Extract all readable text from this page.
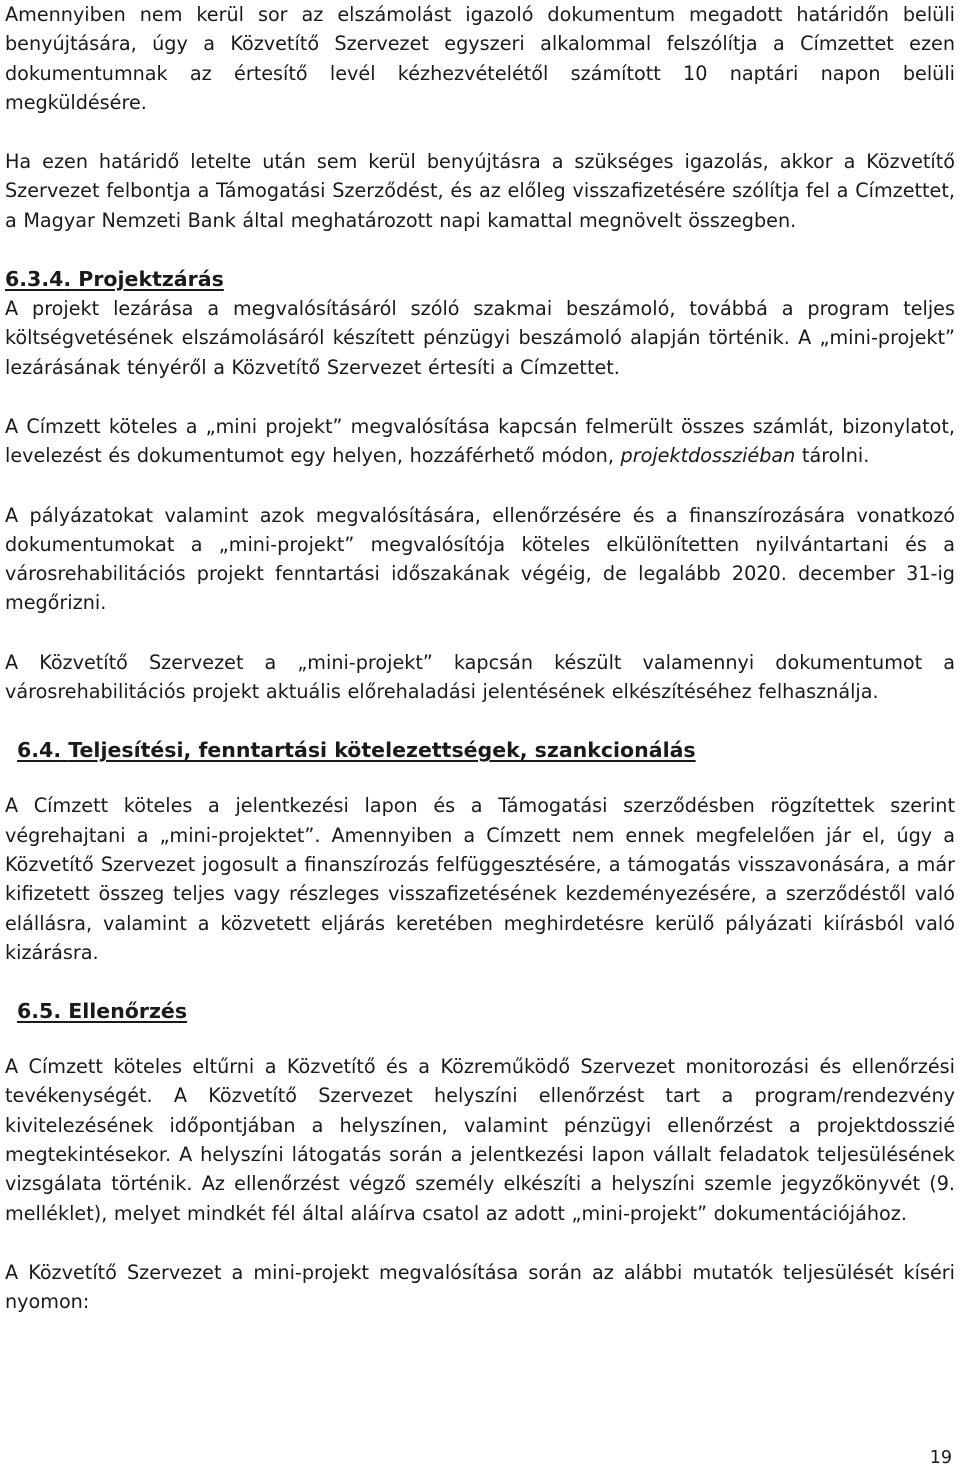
Amennyiben nem kerül sor az elszámolást igazoló dokumentum megadott határidőn belüli benyújtására, úgy a Közvetítő Szervezet egyszeri alkalommal felszólítja a Címzettet ezen dokumentumnak az értesítő levél kézhezvételétől számított 10 naptári napon belüli megküldésére.

Ha ezen határidő letelte után sem kerül benyújtásra a szükséges igazolás, akkor a Közvetítő Szervezet felbontja a Támogatási Szerződést, és az előleg visszafizetésére szólítja fel a Címzettet, a Magyar Nemzeti Bank által meghatározott napi kamattal megnövelt összegben.

6.3.4. Projektzárás

A projekt lezárása a megvalósításáról szóló szakmai beszámoló, továbbá a program teljes költségvetésének elszámolásáról készített pénzügyi beszámoló alapján történik. A „mini-projekt” lezárásának tényéről a Közvetítő Szervezet értesíti a Címzettet.

A Címzett köteles a „mini projekt” megvalósítása kapcsán felmerült összes számlát, bizonylatot, levelezést és dokumentumot egy helyen, hozzáférhető módon, projektdossziéban tárolni.

A pályázatokat valamint azok megvalósítására, ellenőrzésére és a finanszírozására vonatkozó dokumentumokat a „mini-projekt” megvalósítója köteles elkülönítetten nyilvántartani és a városrehabilitációs projekt fenntartási időszakának végéig, de legalább 2020. december 31-ig megőrizni.

A Közvetítő Szervezet a „mini-projekt” kapcsán készült valamennyi dokumentumot a városrehabilitációs projekt aktuális előrehaladási jelentésének elkészítéséhez felhasználja.

6.4. Teljesítési, fenntartási kötelezettségek, szankcionálás

A Címzett köteles a jelentkezési lapon és a Támogatási szerződésben rögzítettek szerint végrehajtani a „mini-projektet”. Amennyiben a Címzett nem ennek megfelelően jár el, úgy a Közvetítő Szervezet jogosult a finanszírozás felfüggesztésére, a támogatás visszavonására, a már kifizetett összeg teljes vagy részleges visszafizetésének kezdeményezésére, a szerződéstől való elállásra, valamint a közvetett eljárás keretében meghirdetésre kerülő pályázati kiírásból való kizárásra.

6.5. Ellenőrzés

A Címzett köteles eltűrni a Közvetítő és a Közreműködő Szervezet monitorozási és ellenőrzési tevékenységét. A Közvetítő Szervezet helyszíni ellenőrzést tart a program/rendezvény kivitelezésének időpontjában a helyszínen, valamint pénzügyi ellenőrzést a projektdosszié megtekintésekor. A helyszíni látogatás során a jelentkezési lapon vállalt feladatok teljesülésének vizsgálata történik. Az ellenőrzést végző személy elkészíti a helyszíni szemle jegyzőkönyvét (9. melléklet), melyet mindkét fél által aláírva csatol az adott „mini-projekt” dokumentációjához.

A Közvetítő Szervezet a mini-projekt megvalósítása során az alábbi mutatók teljesülését kíséri nyomon:

19
